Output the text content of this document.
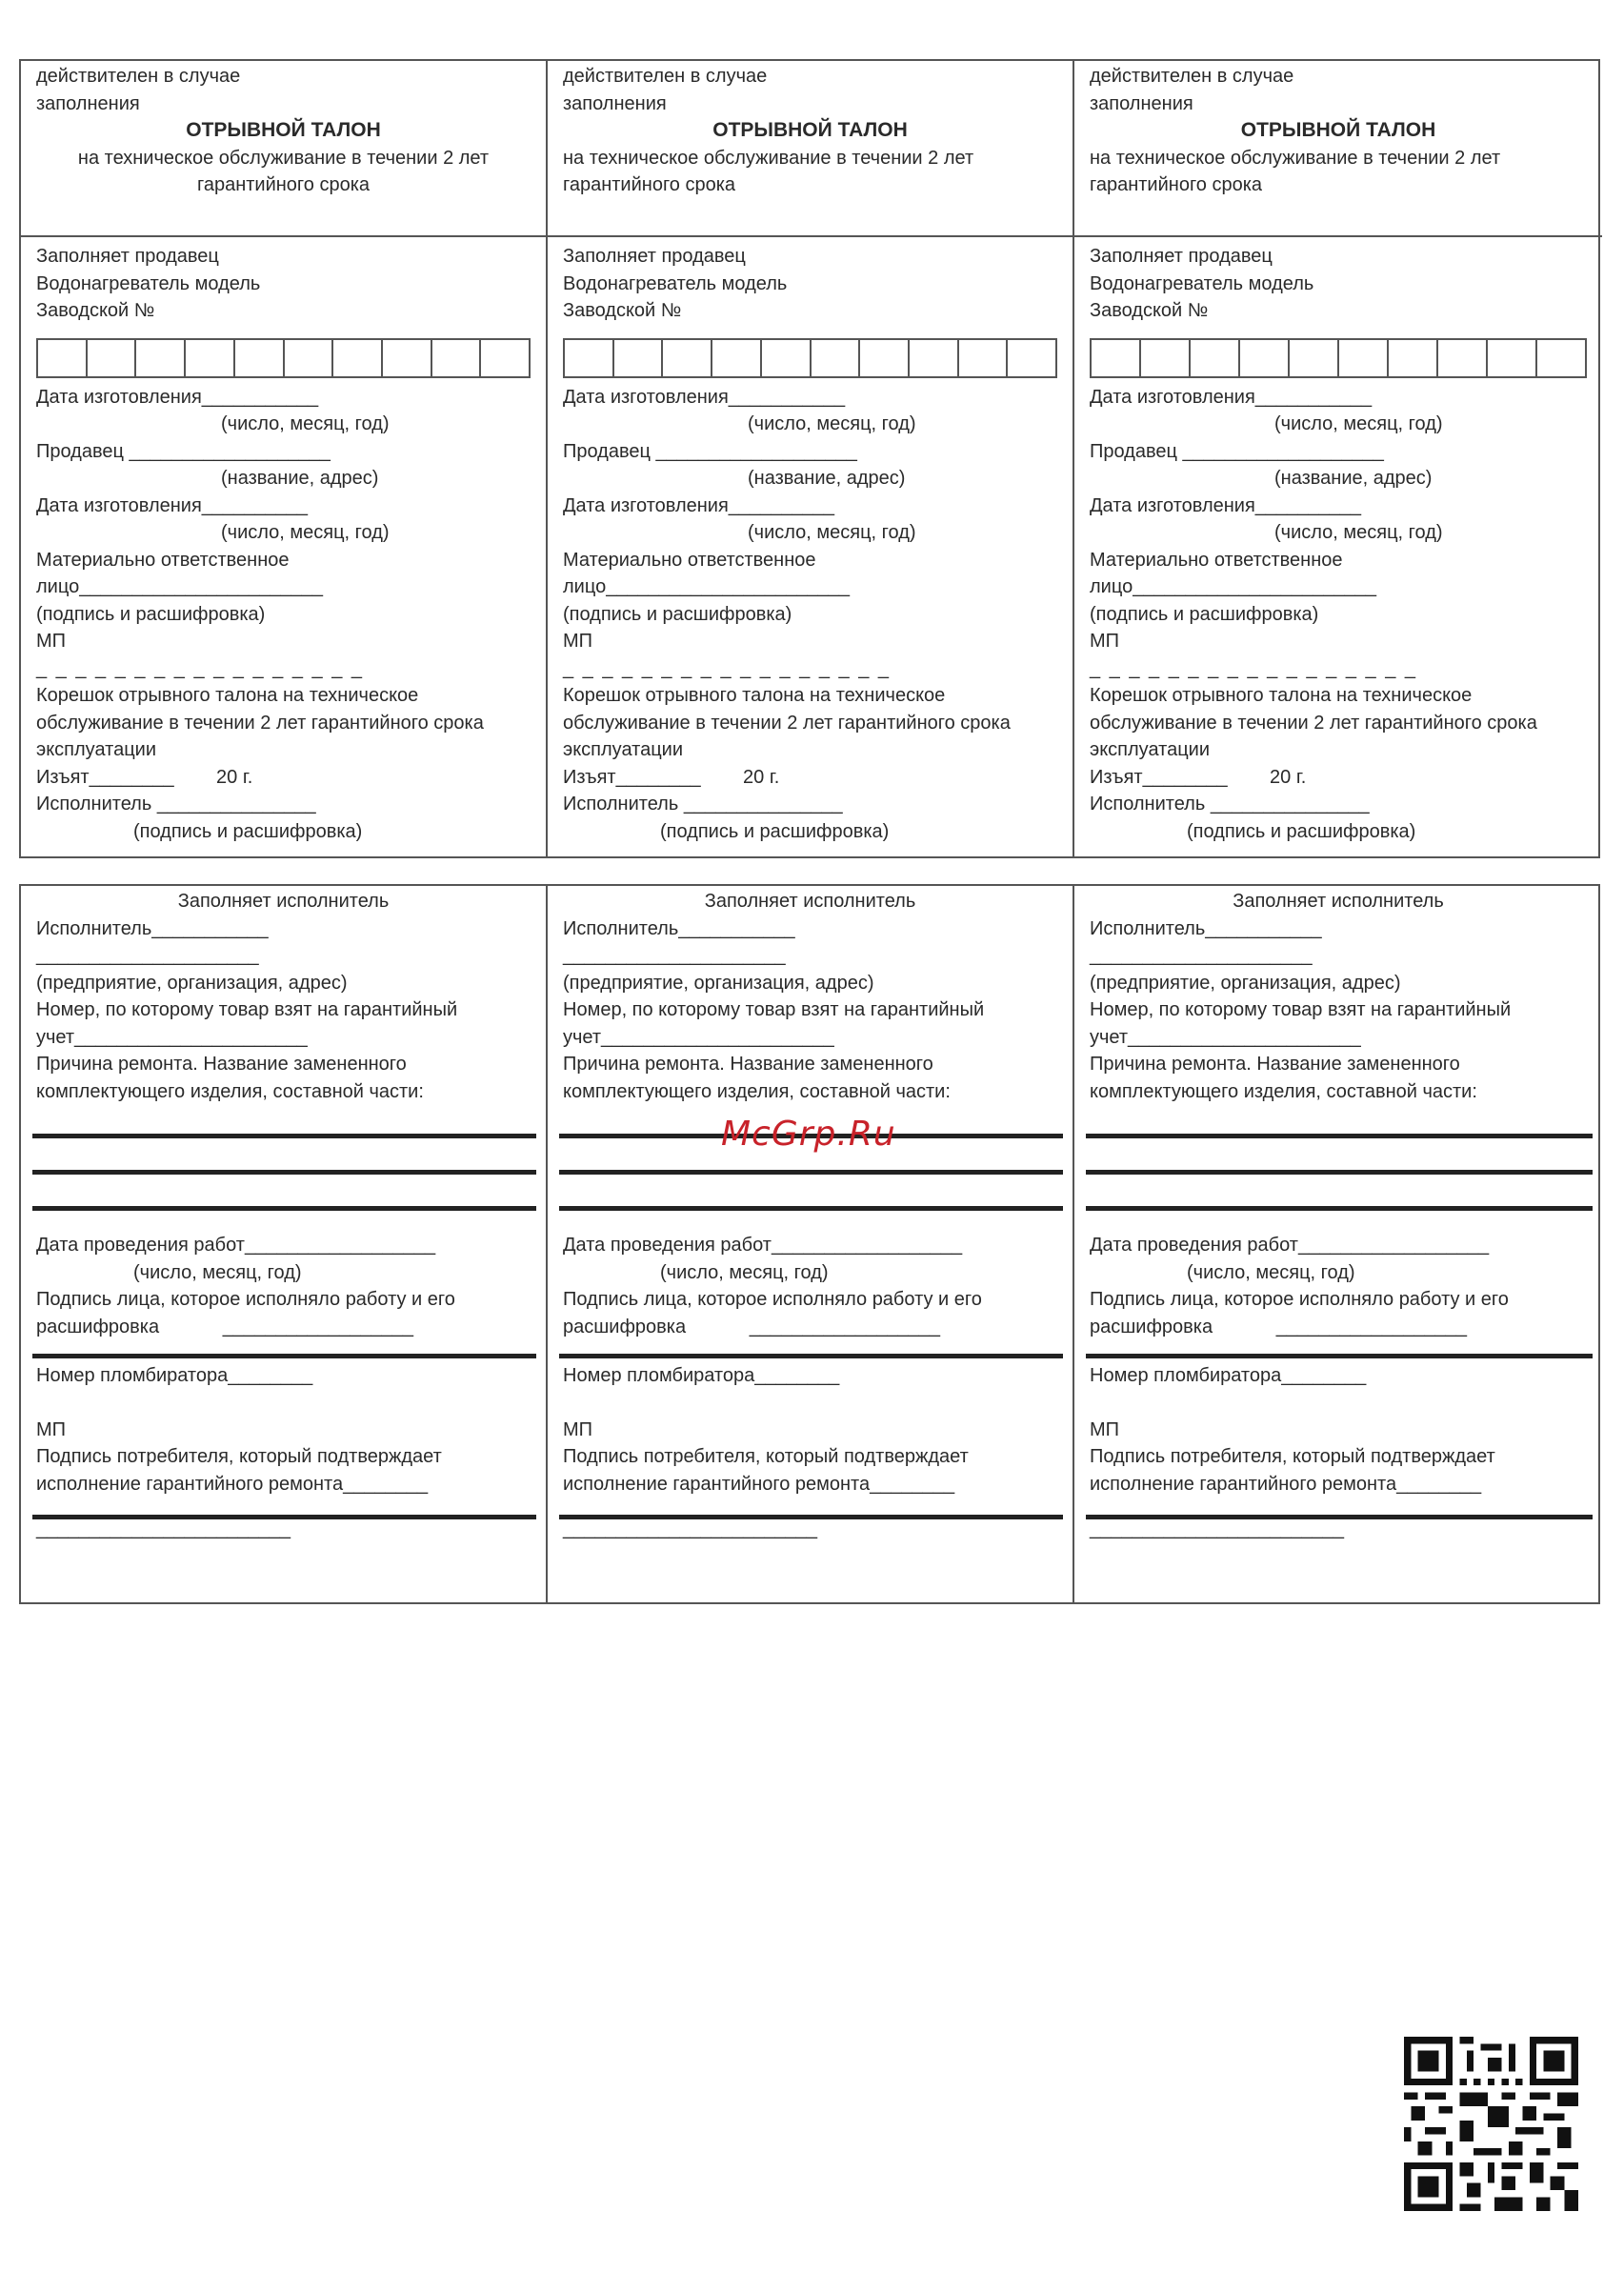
действителен в случае
заполнения
ОТРЫВНОЙ ТАЛОН
на техническое обслуживание в течении 2 лет
гарантийного срока
Заполняет продавец
Водонагреватель модель
Заводской №
Дата изготовления___________
(число, месяц, год)
Продавец ___________________
(название, адрес)
Дата изготовления__________
(число, месяц, год)
Материально ответственное
лицо_______________________
(подпись и расшифровка)
МП
_ _ _ _ _ _ _ _ _ _ _ _ _ _ _ _ _
Корешок отрывного талона на техническое
обслуживание в течении 2 лет гарантийного срока
эксплуатации
Изъят________ 20 г.
Исполнитель _______________
(подпись и расшифровка)
действителен в случае
заполнения
ОТРЫВНОЙ ТАЛОН
на техническое обслуживание в течении 2 лет
гарантийного срока
Заполняет продавец
Водонагреватель модель
Заводской №
Дата изготовления___________
(число, месяц, год)
Продавец ___________________
(название, адрес)
Дата изготовления__________
(число, месяц, год)
Материально ответственное
лицо_______________________
(подпись и расшифровка)
МП
_ _ _ _ _ _ _ _ _ _ _ _ _ _ _ _ _
Корешок отрывного талона на техническое
обслуживание в течении 2 лет гарантийного срока
эксплуатации
Изъят________ 20 г.
Исполнитель _______________
(подпись и расшифровка)
действителен в случае
заполнения
ОТРЫВНОЙ ТАЛОН
на техническое обслуживание в течении 2 лет
гарантийного срока
Заполняет продавец
Водонагреватель модель
Заводской №
Дата изготовления___________
(число, месяц, год)
Продавец ___________________
(название, адрес)
Дата изготовления__________
(число, месяц, год)
Материально ответственное
лицо_______________________
(подпись и расшифровка)
МП
_ _ _ _ _ _ _ _ _ _ _ _ _ _ _ _ _
Корешок отрывного талона на техническое
обслуживание в течении 2 лет гарантийного срока
эксплуатации
Изъят________ 20 г.
Исполнитель _______________
(подпись и расшифровка)
Заполняет исполнитель
Исполнитель___________
_____________________
(предприятие, организация, адрес)
Номер, по которому товар взят на гарантийный
учет______________________
Причина ремонта. Название замененного
комплектующего изделия, составной части:
Дата проведения работ__________________
(число, месяц, год)
Подпись лица, которое исполняло работу и его
расшифровка	__________________
Номер пломбиратора________
МП
Подпись потребителя, который подтверждает
исполнение гарантийного ремонта________
________________________
Заполняет исполнитель
Исполнитель___________
_____________________
(предприятие, организация, адрес)
Номер, по которому товар взят на гарантийный
учет______________________
Причина ремонта. Название замененного
комплектующего изделия, составной части:
Дата проведения работ__________________
(число, месяц, год)
Подпись лица, которое исполняло работу и его
расшифровка	__________________
Номер пломбиратора________
МП
Подпись потребителя, который подтверждает
исполнение гарантийного ремонта________
________________________
Заполняет исполнитель
Исполнитель___________
_____________________
(предприятие, организация, адрес)
Номер, по которому товар взят на гарантийный
учет______________________
Причина ремонта. Название замененного
комплектующего изделия, составной части:
Дата проведения работ__________________
(число, месяц, год)
Подпись лица, которое исполняло работу и его
расшифровка	__________________
Номер пломбиратора________
МП
Подпись потребителя, который подтверждает
исполнение гарантийного ремонта________
________________________
McGrp.Ru
